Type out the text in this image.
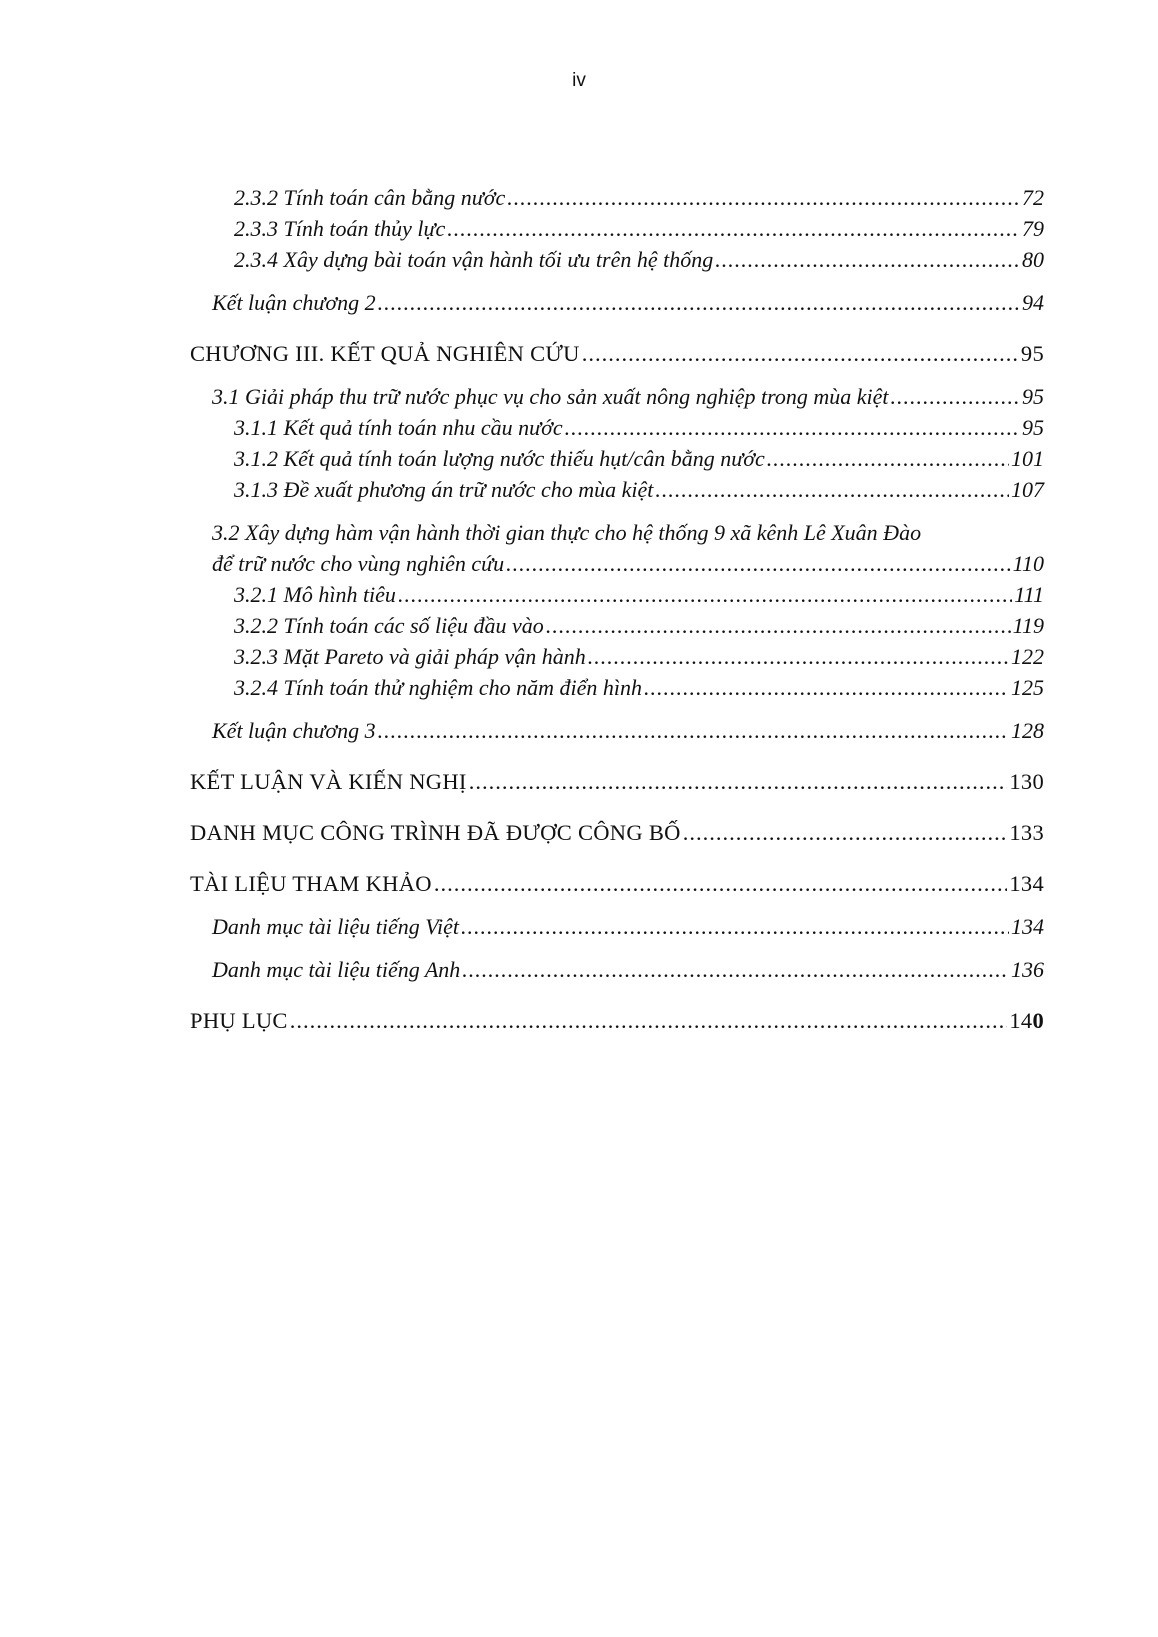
iv
2.3.2 Tính toán cân bằng nước .....	72
2.3.3 Tính toán thủy lực .....	79
2.3.4 Xây dựng bài toán vận hành tối ưu trên hệ thống .....	80
Kết luận chương 2 .....	94
CHƯƠNG III. KẾT QUẢ NGHIÊN CỨU .....	95
3.1 Giải pháp thu trữ nước phục vụ cho sản xuất nông nghiệp trong mùa kiệt .....	95
3.1.1 Kết quả tính toán nhu cầu nước .....	95
3.1.2 Kết quả tính toán lượng nước thiếu hụt/cân bằng nước .....	101
3.1.3 Đề xuất phương án trữ nước cho mùa kiệt .....	107
3.2 Xây dựng hàm vận hành thời gian thực cho hệ thống 9 xã kênh Lê Xuân Đào
để trữ nước cho vùng nghiên cứu .....	110
3.2.1 Mô hình tiêu .....	111
3.2.2 Tính toán các số liệu đầu vào .....	119
3.2.3 Mặt Pareto và giải pháp vận hành .....	122
3.2.4 Tính toán thử nghiệm cho năm điển hình .....	125
Kết luận chương 3 .....	128
KẾT LUẬN VÀ KIẾN NGHỊ .....	130
DANH MỤC CÔNG TRÌNH ĐÃ ĐƯỢC CÔNG BỐ .....	133
TÀI LIỆU THAM KHẢO .....	134
Danh mục tài liệu tiếng Việt .....	134
Danh mục tài liệu tiếng Anh .....	136
PHỤ LỤC .....	140
